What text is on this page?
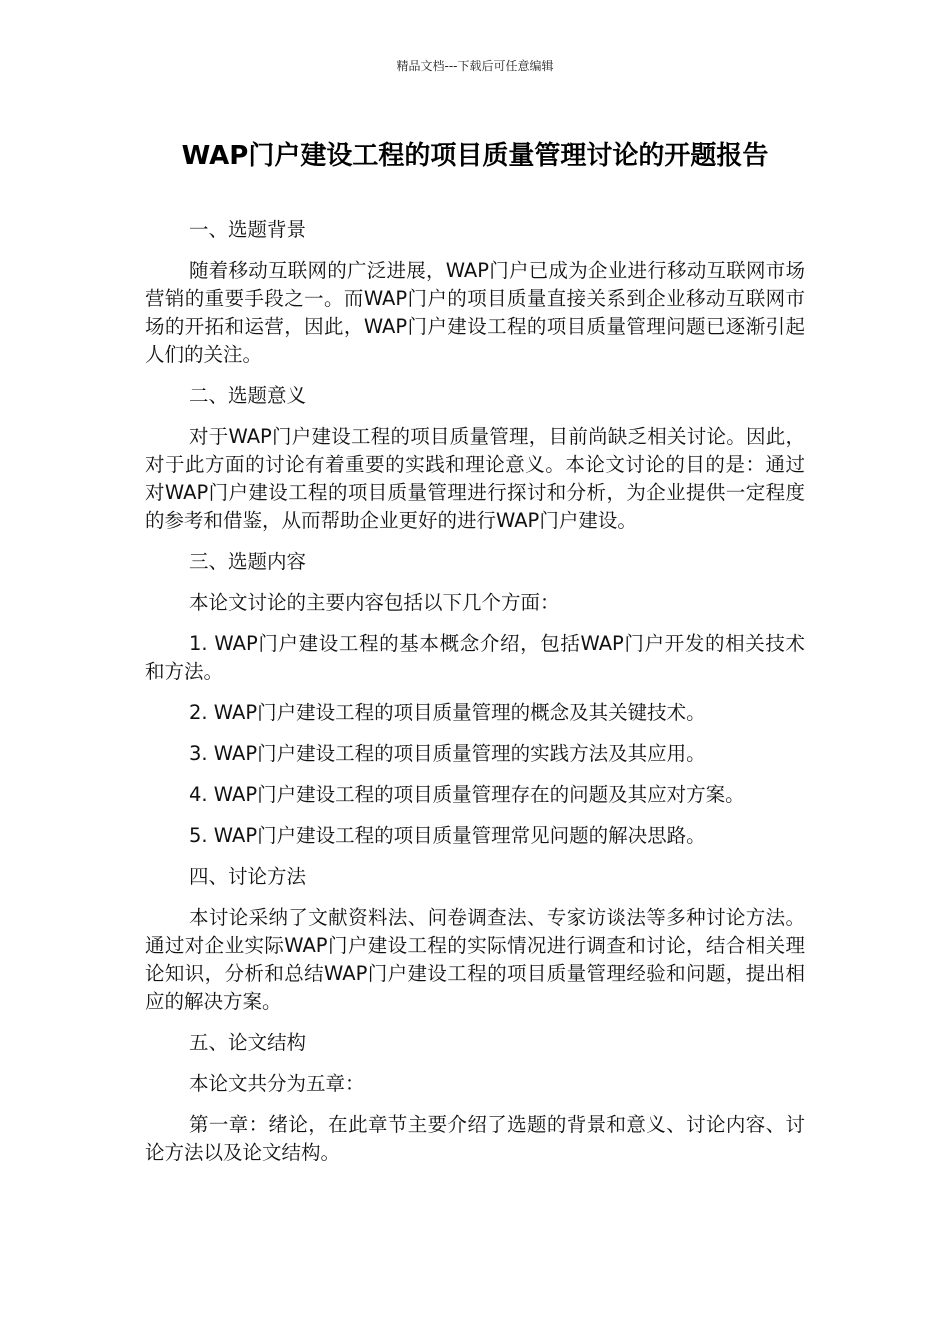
精品文档---下载后可任意编辑
WAP门户建设工程的项目质量管理讨论的开题报告

一、选题背景

随着移动互联网的广泛进展，WAP门户已成为企业进行移动互联网市场营销的重要手段之一。而WAP门户的项目质量直接关系到企业移动互联网市场的开拓和运营，因此，WAP门户建设工程的项目质量管理问题已逐渐引起人们的关注。

二、选题意义

对于WAP门户建设工程的项目质量管理，目前尚缺乏相关讨论。因此，对于此方面的讨论有着重要的实践和理论意义。本论文讨论的目的是：通过对WAP门户建设工程的项目质量管理进行探讨和分析，为企业提供一定程度的参考和借鉴，从而帮助企业更好的进行WAP门户建设。

三、选题内容

本论文讨论的主要内容包括以下几个方面：

1. WAP门户建设工程的基本概念介绍，包括WAP门户开发的相关技术和方法。

2. WAP门户建设工程的项目质量管理的概念及其关键技术。

3. WAP门户建设工程的项目质量管理的实践方法及其应用。

4. WAP门户建设工程的项目质量管理存在的问题及其应对方案。

5. WAP门户建设工程的项目质量管理常见问题的解决思路。

四、讨论方法

本讨论采纳了文献资料法、问卷调查法、专家访谈法等多种讨论方法。通过对企业实际WAP门户建设工程的实际情况进行调查和讨论，结合相关理论知识，分析和总结WAP门户建设工程的项目质量管理经验和问题，提出相应的解决方案。

五、论文结构

本论文共分为五章：

第一章：绪论，在此章节主要介绍了选题的背景和意义、讨论内容、讨论方法以及论文结构。
